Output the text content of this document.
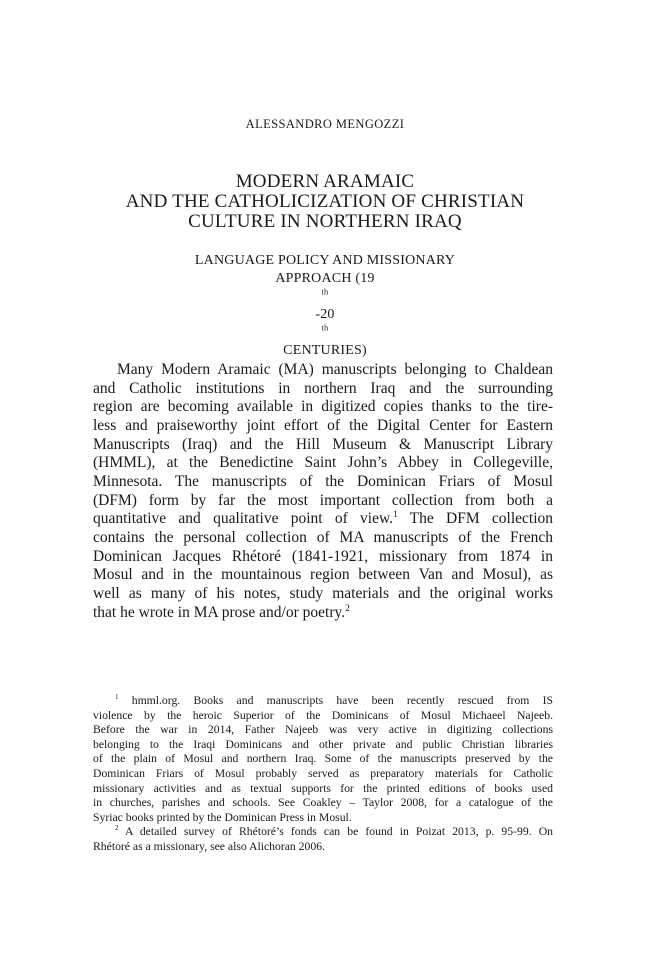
ALESSANDRO MENGOZZI
MODERN ARAMAIC
AND THE CATHOLICIZATION OF CHRISTIAN
CULTURE IN NORTHERN IRAQ
LANGUAGE POLICY AND MISSIONARY
APPROACH (19
$^{th}$
-20
$^{th}$
CENTURIES)
Many Modern Aramaic (MA) manuscripts belonging to Chaldean
and Catholic institutions in northern Iraq and the surrounding
region are becoming available in digitized copies thanks to the tire-
less and praiseworthy joint effort of the Digital Center for Eastern
Manuscripts (Iraq) and the Hill Museum & Manuscript Library
(HMML), at the Benedictine Saint John’s Abbey in Collegeville,
Minnesota. The manuscripts of the Dominican Friars of Mosul
(DFM) form by far the most important collection from both a
quantitative and qualitative point of view.$^1$ The DFM collection
contains the personal collection of MA manuscripts of the French
Dominican Jacques Rhétoré (1841-1921, missionary from 1874 in
Mosul and in the mountainous region between Van and Mosul), as
well as many of his notes, study materials and the original works
that he wrote in MA prose and/or poetry.$^2$
$^1$ hmml.org. Books and manuscripts have been recently rescued from IS
violence by the heroic Superior of the Dominicans of Mosul Michaeel Najeeb.
Before the war in 2014, Father Najeeb was very active in digitizing collections
belonging to the Iraqi Dominicans and other private and public Christian libraries
of the plain of Mosul and northern Iraq. Some of the manuscripts preserved by the
Dominican Friars of Mosul probably served as preparatory materials for Catholic
missionary activities and as textual supports for the printed editions of books used
in churches, parishes and schools. See Coakley – Taylor 2008, for a catalogue of the
Syriac books printed by the Dominican Press in Mosul.
$^2$ A detailed survey of Rhétoré’s fonds can be found in Poizat 2013, p. 95-99. On
Rhétoré as a missionary, see also Alichoran 2006.
